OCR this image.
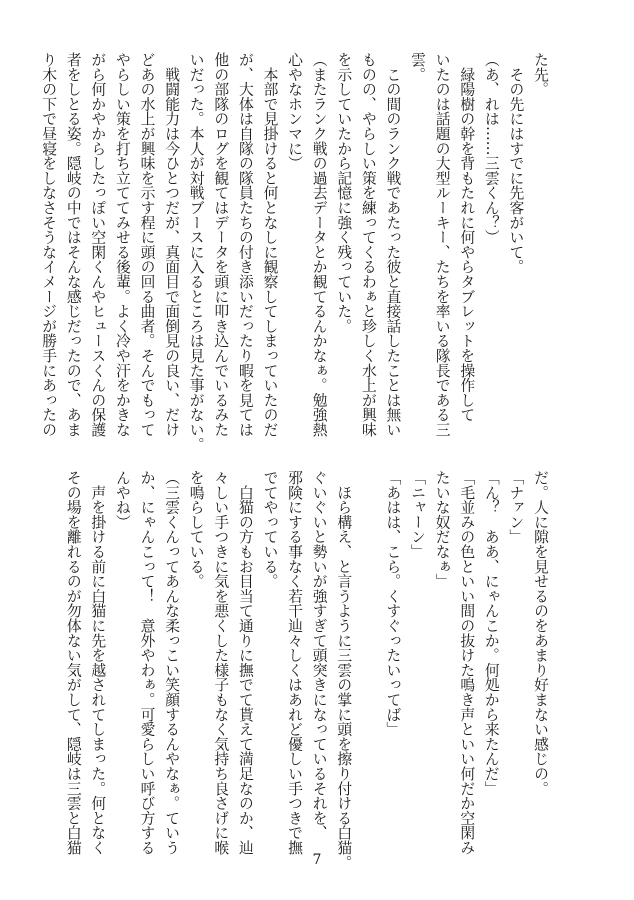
た先。
　その先にはすでに先客がいて。
（あ、れは……三雲くん？）
　緑陽樹の幹を背もたれに何やらタブレットを操作して
いたのは話題の大型ルーキー、たちを率いる隊長である三
雲。
　この間のランク戦であたった彼と直接話したことは無い
ものの、やらしい策を練ってくるわぁと珍しく水上が興味
を示していたから記憶に強く残っていた。
（またランク戦の過去データとか観てるんかなぁ。勉強熱
心やなホンマに）
　本部で見掛けると何となしに観察してしまっていたのだ
が、大体は自隊の隊員たちの付き添いだったり暇を見ては
他の部隊のログを観てはデータを頭に叩き込んでいるみた
いだった。本人が対戦ブースに入るところは見た事がない。
　戦闘能力は今ひとつだが、真面目で面倒見の良い、だけ
どあの水上が興味を示す程に頭の回る曲者。そんでもって
やらしい策を打ち立ててみせる後輩。よく冷や汗をかきな
がら何かやからしたっぽい空閑くんやヒュースくんの保護
者をしとる姿。隠岐の中ではそんな感じだったので、あま
り木の下で昼寝をしなさそうなイメージが勝手にあったの
だ。人に隙を見せるのをあまり好まない感じの。
「ナァン」
「ん？　ああ、にゃんこか。何処から来たんだ」
「毛並みの色といい間の抜けた鳴き声といい何だか空閑み
たいな奴だなぁ」
「ニャーン」
「あはは、こら。くすぐったいってば」

　ほら構え、と言うように三雲の掌に頭を擦り付ける白猫。
ぐいぐいと勢いが強すぎて頭突きになっているそれを、
邪険にする事なく若干辿々しくはあれど優しい手つきで撫
でてやっている。
　白猫の方もお目当て通りに撫でて貰えて満足なのか、辿
々しい手つきに気を悪くした様子もなく気持ち良さげに喉
を鳴らしている。
（三雲くんってあんな柔っこい笑顔するんやなぁ。ていう
か、にゃんこって！　意外やわぁ。可愛らしい呼び方する
んやね）
　声を掛ける前に白猫に先を越されてしまった。何となく
その場を離れるのが勿体ない気がして、隠岐は三雲と白猫
7
